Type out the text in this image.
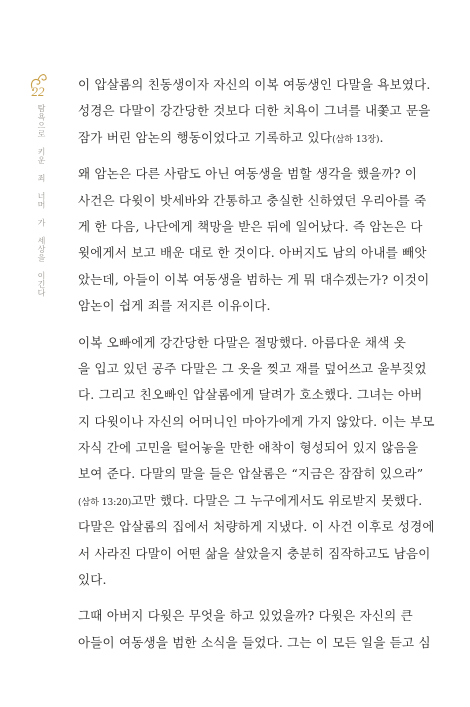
22
탐욕으로 키운 죄 너머 가 세상을 이긴다
이 압살롬의 친동생이자 자신의 이복 여동생인 다말을 욕보였다.
성경은 다말이 강간당한 것보다 더한 치욕이 그녀를 내쫓고 문을
잠가 버린 암논의 행동이었다고 기록하고 있다(삼하 13장).
왜 암논은 다른 사람도 아닌 여동생을 범할 생각을 했을까? 이
사건은 다윗이 밧세바와 간통하고 충실한 신하였던 우리아를 죽
게 한 다음, 나단에게 책망을 받은 뒤에 일어났다. 즉 암논은 다
윗에게서 보고 배운 대로 한 것이다. 아버지도 남의 아내를 빼앗
았는데, 아들이 이복 여동생을 범하는 게 뭐 대수겠는가? 이것이
암논이 쉽게 죄를 저지른 이유이다.
이복 오빠에게 강간당한 다말은 절망했다. 아름다운 채색 옷
을 입고 있던 공주 다말은 그 옷을 찢고 재를 덮어쓰고 울부짖었
다. 그리고 친오빠인 압살롬에게 달려가 호소했다. 그녀는 아버
지 다윗이나 자신의 어머니인 마아가에게 가지 않았다. 이는 부모
자식 간에 고민을 털어놓을 만한 애착이 형성되어 있지 않음을
보여 준다. 다말의 말을 들은 압살롬은 “지금은 잠잠히 있으라”
(삼하 13:20)고만 했다. 다말은 그 누구에게서도 위로받지 못했다.
다말은 압살롬의 집에서 처량하게 지냈다. 이 사건 이후로 성경에
서 사라진 다말이 어떤 삶을 살았을지 충분히 짐작하고도 남음이
있다.
그때 아버지 다윗은 무엇을 하고 있었을까? 다윗은 자신의 큰
아들이 여동생을 범한 소식을 들었다. 그는 이 모든 일을 듣고 심
